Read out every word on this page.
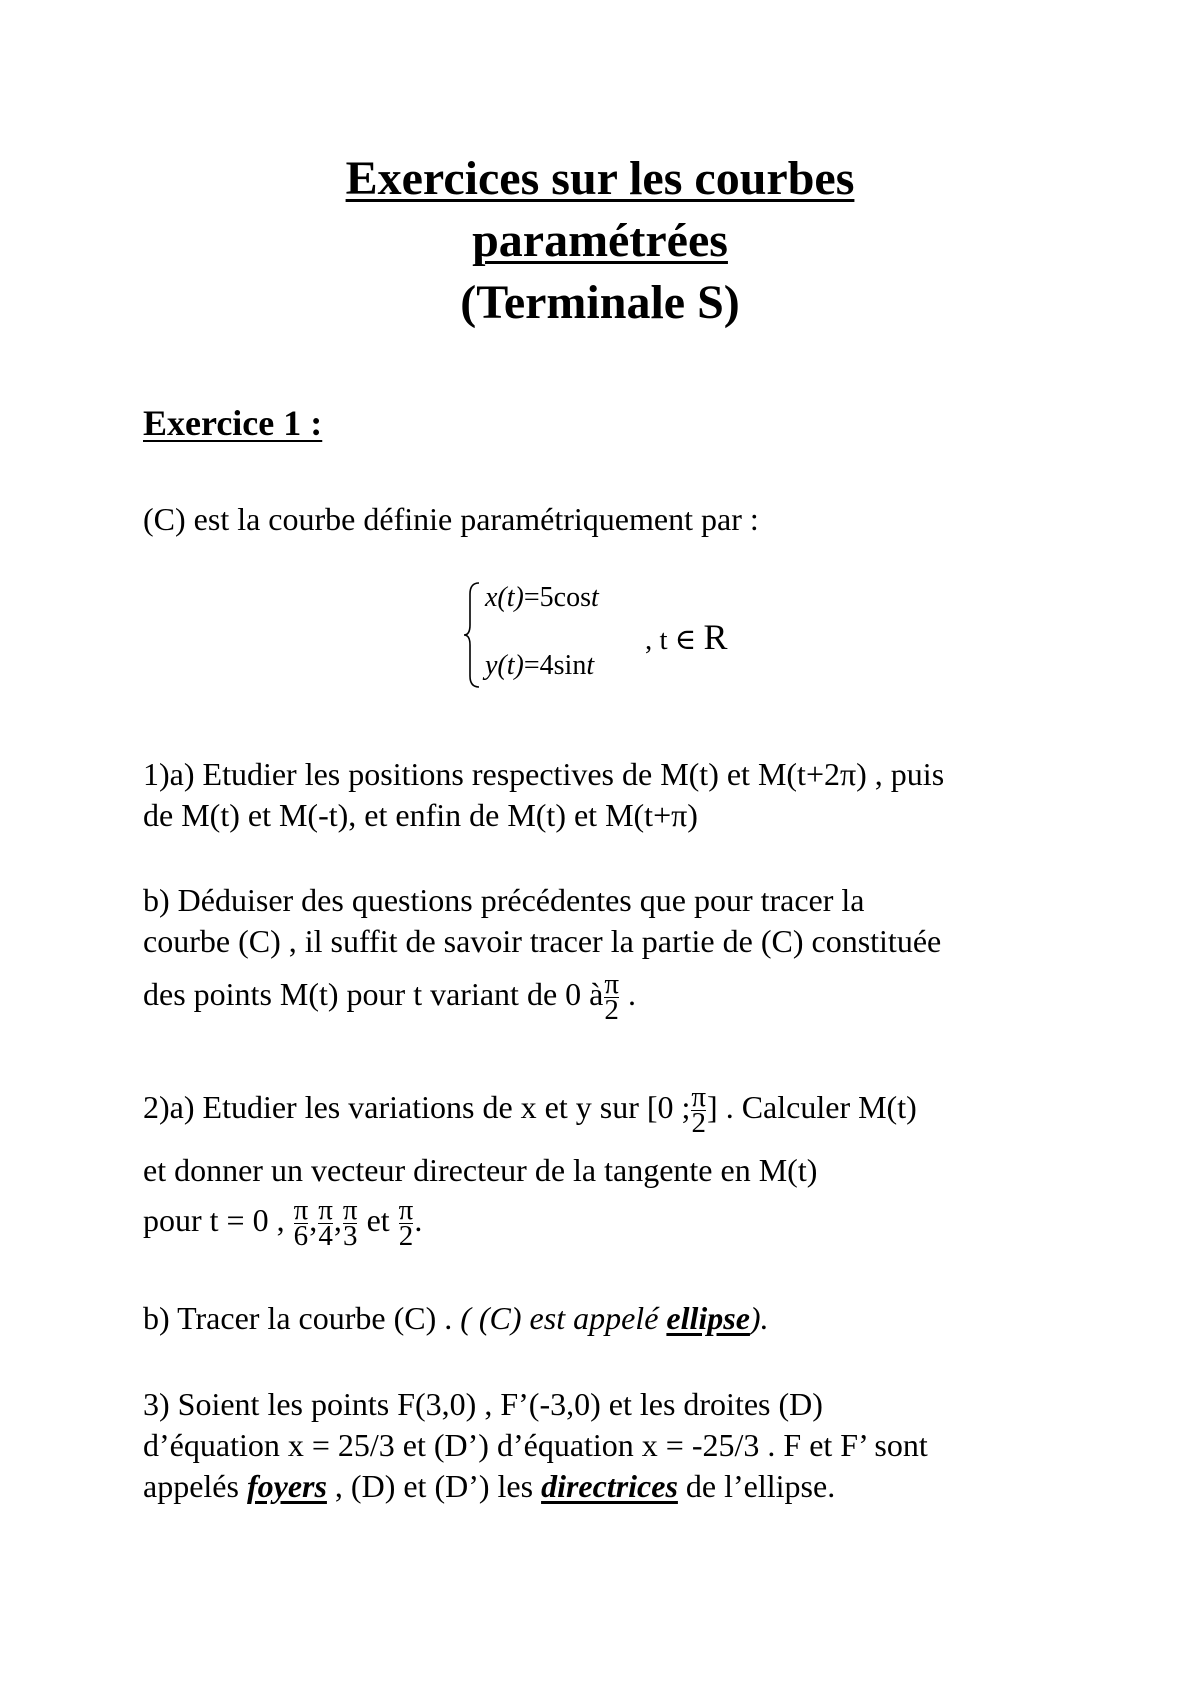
Exercices sur les courbes
paramétrées
(Terminale S)
Exercice 1 :
(C) est la courbe définie paramétriquement par :
x(t)=5cost
y(t)=4sint
, t ∈ R
1)a) Etudier les positions respectives de M(t) et M(t+2π) , puis
de M(t) et M(-t), et enfin de M(t) et M(t+π)
b) Déduiser des questions précédentes que pour tracer la
courbe (C) , il suffit de savoir tracer la partie de (C) constituée
des points M(t) pour t variant de 0 à $\frac{\pi}{2}$ .
2)a) Etudier les variations de x et y sur [0 ; $\frac{\pi}{2}$ ] . Calculer M(t)
et donner un vecteur directeur de la tangente en M(t)
pour t = 0 , $\frac{\pi}{6}$ , $\frac{\pi}{4}$ , $\frac{\pi}{3}$ et $\frac{\pi}{2}$ .
b) Tracer la courbe (C) . ( (C) est appelé ellipse).
3) Soient les points F(3,0) , F’(-3,0) et les droites (D)
d’équation x = 25/3 et (D’) d’équation x = -25/3 . F et F’ sont
appelés foyers , (D) et (D’) les directrices de l’ellipse.
